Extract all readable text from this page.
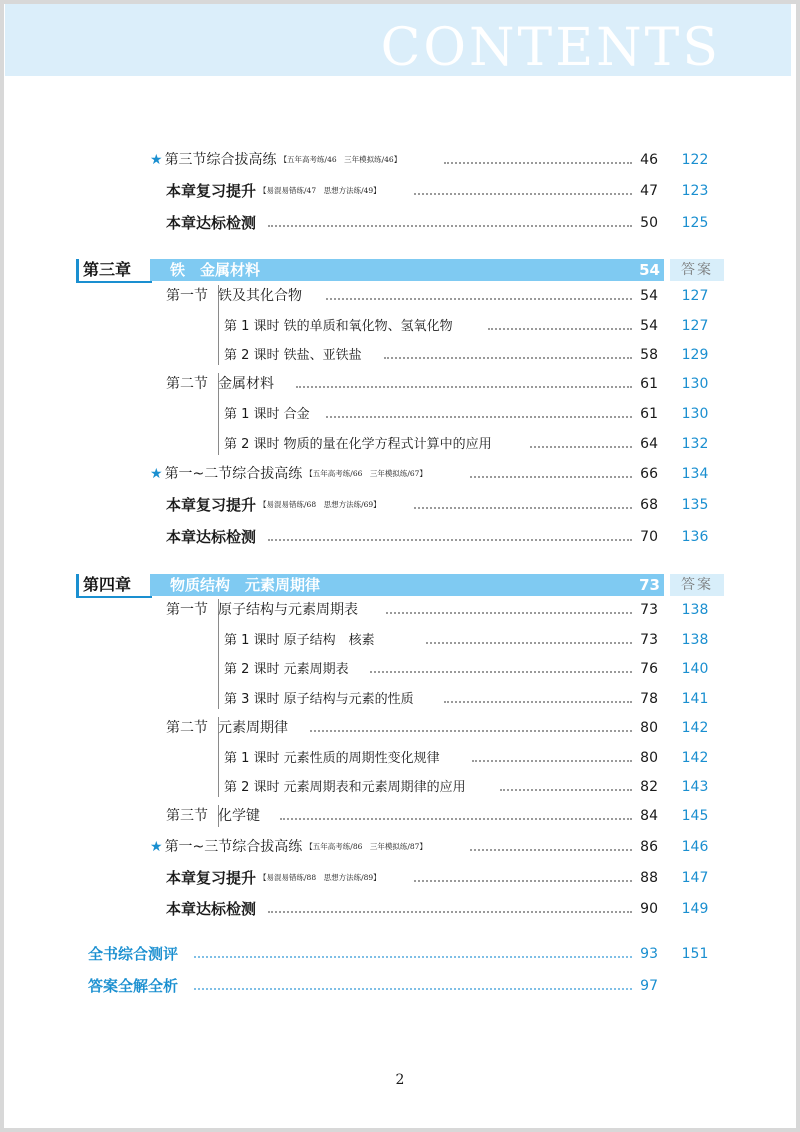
CONTENTS
★ 第三节综合拔高练 【五年高考练/46　三年模拟练/46】	46	122
本章复习提升 【易混易错练/47　思想方法练/49】	47	123
本章达标检测	50	125
第三章	铁　金属材料	54	答案
第一节 铁及其化合物	54	127
第 1 课时 铁的单质和氧化物、氢氧化物	54	127
第 2 课时 铁盐、亚铁盐	58	129
第二节 金属材料	61	130
第 1 课时 合金	61	130
第 2 课时 物质的量在化学方程式计算中的应用	64	132
★ 第一~二节综合拔高练 【五年高考练/66　三年模拟练/67】	66	134
本章复习提升 【易混易错练/68　思想方法练/69】	68	135
本章达标检测	70	136
第四章	物质结构　元素周期律	73	答案
第一节 原子结构与元素周期表	73	138
第 1 课时 原子结构　核素	73	138
第 2 课时 元素周期表	76	140
第 3 课时 原子结构与元素的性质	78	141
第二节 元素周期律	80	142
第 1 课时 元素性质的周期性变化规律	80	142
第 2 课时 元素周期表和元素周期律的应用	82	143
第三节 化学键	84	145
★ 第一~三节综合拔高练 【五年高考练/86　三年模拟练/87】	86	146
本章复习提升 【易混易错练/88　思想方法练/89】	88	147
本章达标检测	90	149
全书综合测评	93	151
答案全解全析	97
2
